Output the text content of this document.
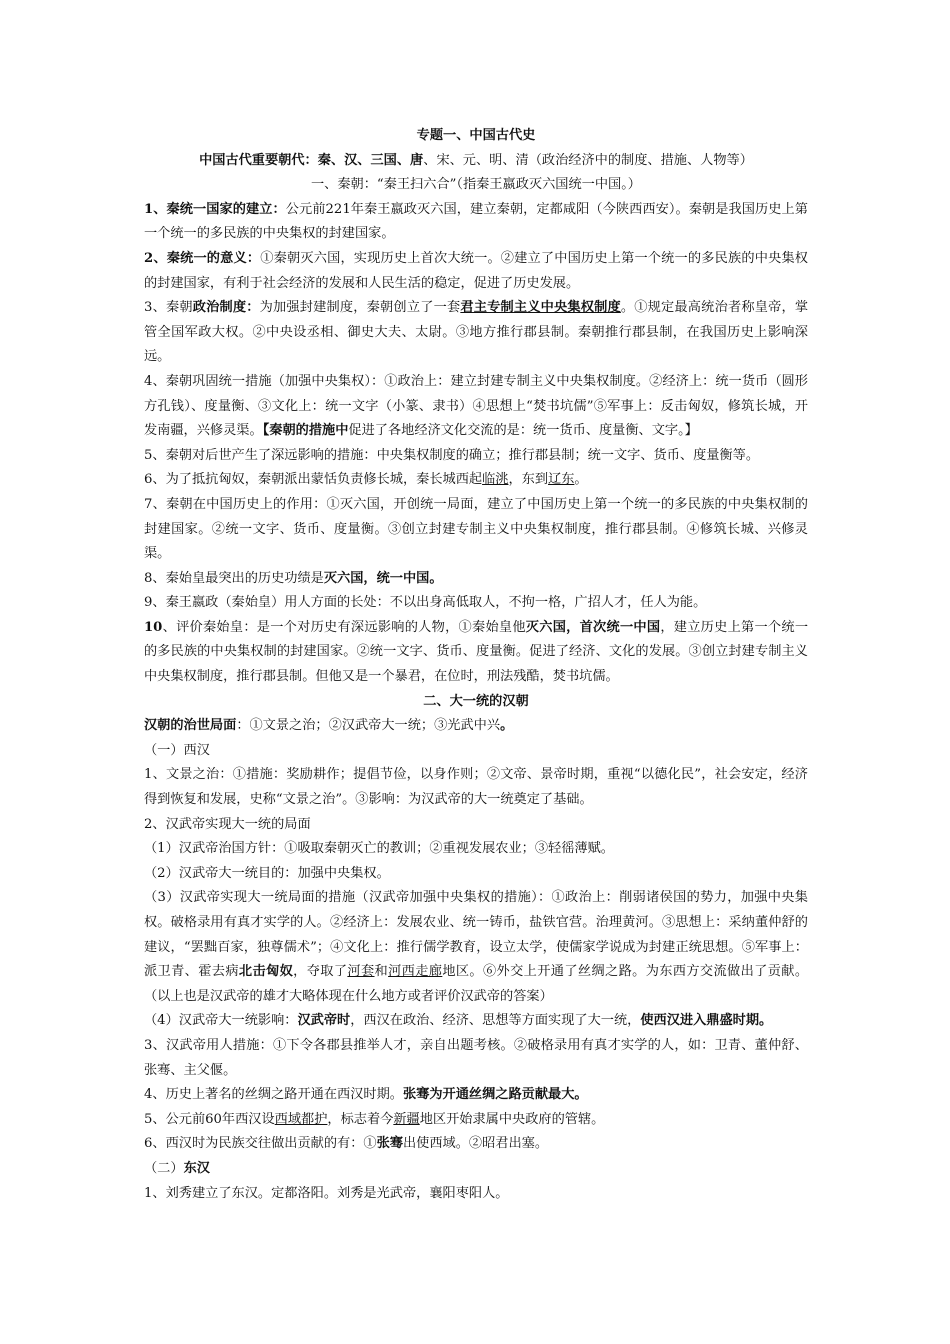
专题一、中国古代史

中国古代重要朝代：秦、汉、三国、唐、宋、元、明、清（政治经济中的制度、措施、人物等）

一、秦朝：“秦王扫六合”（指秦王嬴政灭六国统一中国。）

1、秦统一国家的建立：公元前221年秦王嬴政灭六国，建立秦朝，定都咸阳（今陕西西安）。秦朝是我国历史上第一个统一的多民族的中央集权的封建国家。

2、秦统一的意义：①秦朝灭六国，实现历史上首次大统一。②建立了中国历史上第一个统一的多民族的中央集权的封建国家，有利于社会经济的发展和人民生活的稳定，促进了历史发展。

3、秦朝政治制度：为加强封建制度，秦朝创立了一套君主专制主义中央集权制度。①规定最高统治者称皇帝，掌管全国军政大权。②中央设丞相、御史大夫、太尉。③地方推行郡县制。秦朝推行郡县制，在我国历史上影响深远。

4、秦朝巩固统一措施（加强中央集权）：①政治上：建立封建专制主义中央集权制度。②经济上：统一货币（圆形方孔钱）、度量衡、③文化上：统一文字（小篆、隶书）④思想上“焚书坑儒”⑤军事上：反击匈奴，修筑长城，开发南疆，兴修灵渠。【秦朝的措施中促进了各地经济文化交流的是：统一货币、度量衡、文字。】

5、秦朝对后世产生了深远影响的措施：中央集权制度的确立；推行郡县制；统一文字、货币、度量衡等。

6、为了抵抗匈奴，秦朝派出蒙恬负责修长城，秦长城西起临洮，东到辽东。

7、秦朝在中国历史上的作用：①灭六国，开创统一局面，建立了中国历史上第一个统一的多民族的中央集权制的封建国家。②统一文字、货币、度量衡。③创立封建专制主义中央集权制度，推行郡县制。④修筑长城、兴修灵渠。

8、秦始皇最突出的历史功绩是灭六国，统一中国。

9、秦王嬴政（秦始皇）用人方面的长处：不以出身高低取人，不拘一格，广招人才，任人为能。

10、评价秦始皇：是一个对历史有深远影响的人物，①秦始皇他灭六国，首次统一中国，建立历史上第一个统一的多民族的中央集权制的封建国家。②统一文字、货币、度量衡。促进了经济、文化的发展。③创立封建专制主义中央集权制度，推行郡县制。但他又是一个暴君，在位时，刑法残酷，焚书坑儒。

二、大一统的汉朝

汉朝的治世局面：①文景之治；②汉武帝大一统；③光武中兴。

（一）西汉

1、文景之治：①措施：奖励耕作；提倡节俭，以身作则；②文帝、景帝时期，重视“以德化民”，社会安定，经济得到恢复和发展，史称“文景之治”。③影响：为汉武帝的大一统奠定了基础。

2、汉武帝实现大一统的局面

（1）汉武帝治国方针：①吸取秦朝灭亡的教训；②重视发展农业；③轻徭薄赋。

（2）汉武帝大一统目的：加强中央集权。

（3）汉武帝实现大一统局面的措施（汉武帝加强中央集权的措施）：①政治上：削弱诸侯国的势力，加强中央集权。破格录用有真才实学的人。②经济上：发展农业、统一铸币，盐铁官营。治理黄河。③思想上：采纳董仲舒的建议，“罢黜百家，独尊儒术”；④文化上：推行儒学教育，设立太学，使儒家学说成为封建正统思想。⑤军事上：派卫青、霍去病北击匈奴，夺取了河套和河西走廊地区。⑥外交上开通了丝绸之路。为东西方交流做出了贡献。（以上也是汉武帝的雄才大略体现在什么地方或者评价汉武帝的答案）

（4）汉武帝大一统影响：汉武帝时，西汉在政治、经济、思想等方面实现了大一统，使西汉进入鼎盛时期。

3、汉武帝用人措施：①下令各郡县推举人才，亲自出题考核。②破格录用有真才实学的人，如：卫青、董仲舒、张骞、主父偃。

4、历史上著名的丝绸之路开通在西汉时期。张骞为开通丝绸之路贡献最大。

5、公元前60年西汉设西域都护，标志着今新疆地区开始隶属中央政府的管辖。

6、西汉时为民族交往做出贡献的有：①张骞出使西域。②昭君出塞。

（二）东汉

1、刘秀建立了东汉。定都洛阳。刘秀是光武帝，襄阳枣阳人。
